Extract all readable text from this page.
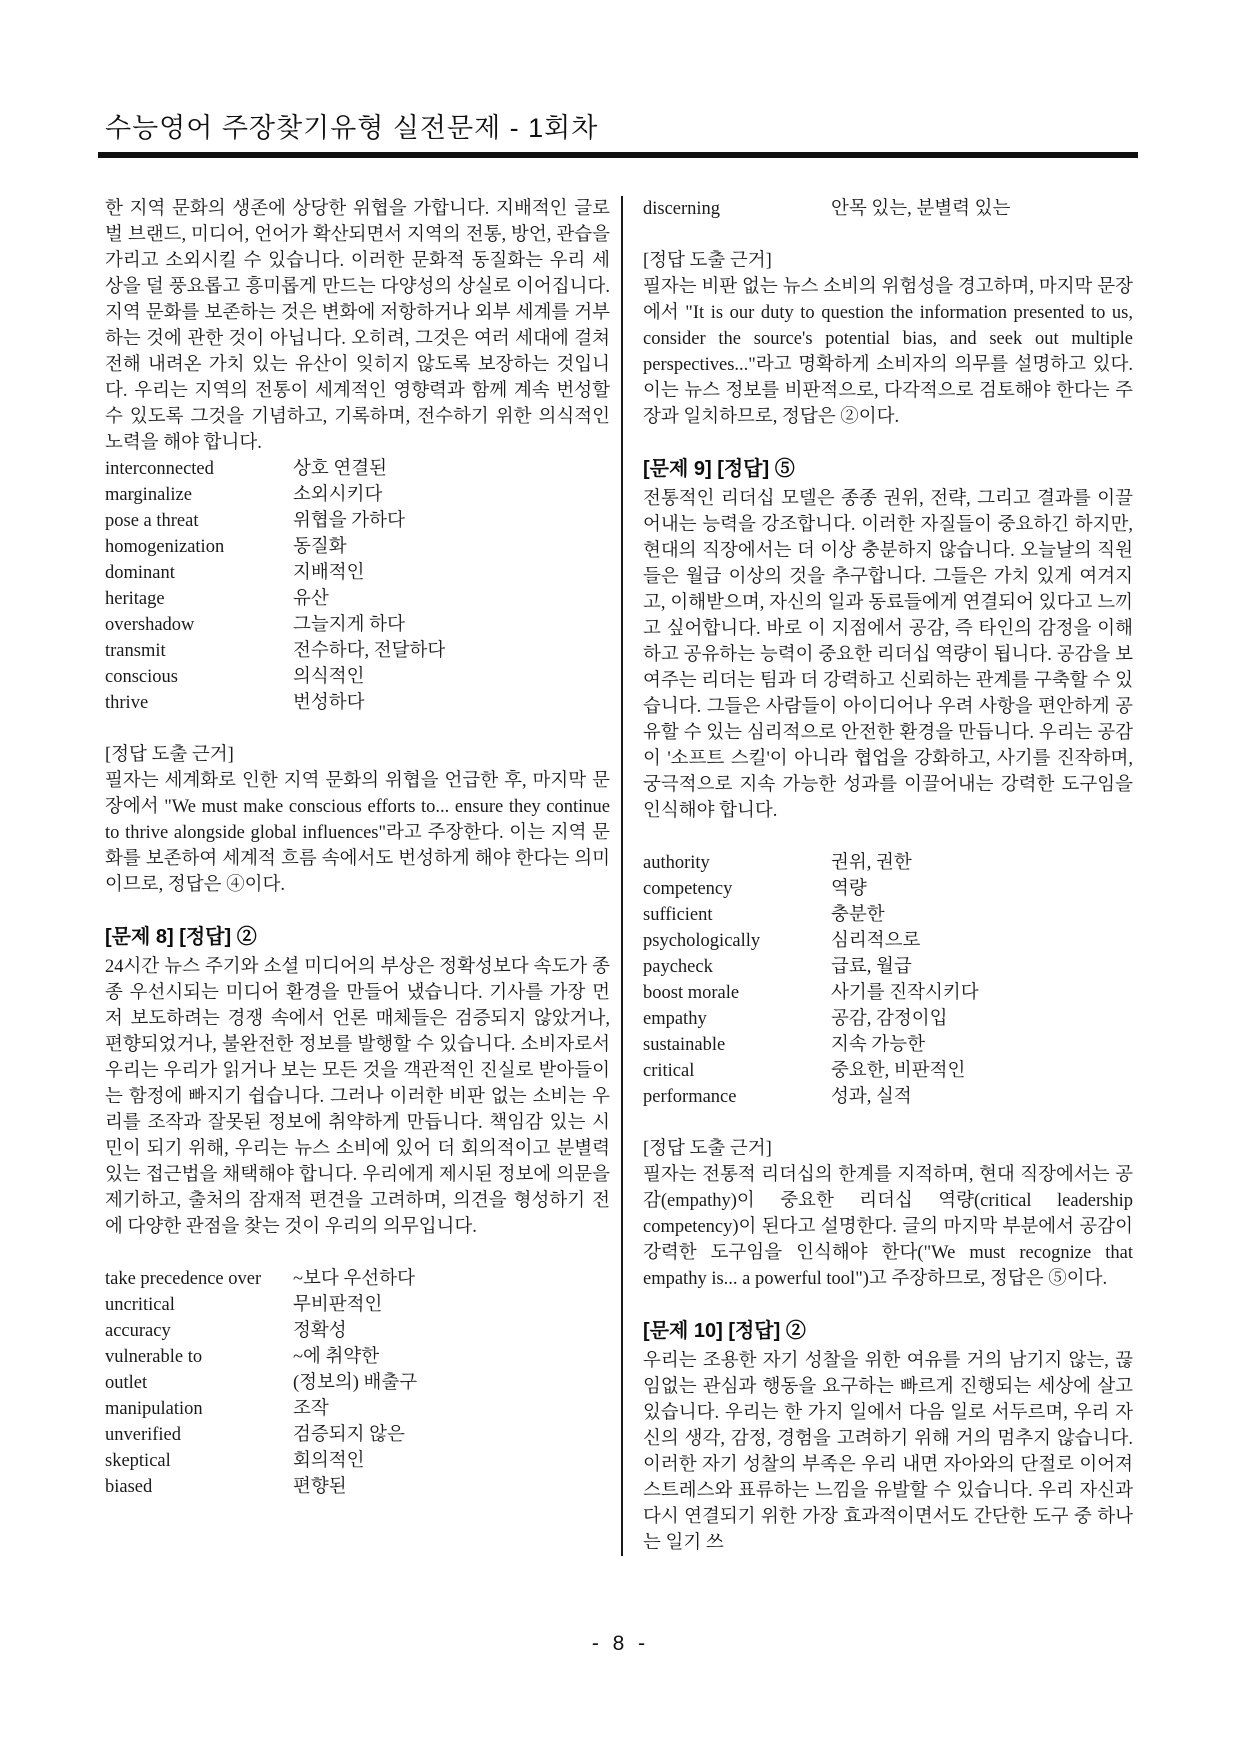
수능영어 주장찾기유형 실전문제 - 1회차

한 지역 문화의 생존에 상당한 위협을 가합니다. 지배적인 글로벌 브랜드, 미디어, 언어가 확산되면서 지역의 전통, 방언, 관습을 가리고 소외시킬 수 있습니다. 이러한 문화적 동질화는 우리 세상을 덜 풍요롭고 흥미롭게 만드는 다양성의 상실로 이어집니다. 지역 문화를 보존하는 것은 변화에 저항하거나 외부 세계를 거부하는 것에 관한 것이 아닙니다. 오히려, 그것은 여러 세대에 걸쳐 전해 내려온 가치 있는 유산이 잊히지 않도록 보장하는 것입니다. 우리는 지역의 전통이 세계적인 영향력과 함께 계속 번성할 수 있도록 그것을 기념하고, 기록하며, 전수하기 위한 의식적인 노력을 해야 합니다.

interconnected	상호 연결된
marginalize	소외시키다
pose a threat	위협을 가하다
homogenization	동질화
dominant	지배적인
heritage	유산
overshadow	그늘지게 하다
transmit	전수하다, 전달하다
conscious	의식적인
thrive	번성하다

[정답 도출 근거]

필자는 세계화로 인한 지역 문화의 위협을 언급한 후, 마지막 문장에서 "We must make conscious efforts to... ensure they continue to thrive alongside global influences"라고 주장한다. 이는 지역 문화를 보존하여 세계적 흐름 속에서도 번성하게 해야 한다는 의미이므로, 정답은 ④이다.

[문제 8] [정답] ②

24시간 뉴스 주기와 소셜 미디어의 부상은 정확성보다 속도가 종종 우선시되는 미디어 환경을 만들어 냈습니다. 기사를 가장 먼저 보도하려는 경쟁 속에서 언론 매체들은 검증되지 않았거나, 편향되었거나, 불완전한 정보를 발행할 수 있습니다. 소비자로서 우리는 우리가 읽거나 보는 모든 것을 객관적인 진실로 받아들이는 함정에 빠지기 쉽습니다. 그러나 이러한 비판 없는 소비는 우리를 조작과 잘못된 정보에 취약하게 만듭니다. 책임감 있는 시민이 되기 위해, 우리는 뉴스 소비에 있어 더 회의적이고 분별력 있는 접근법을 채택해야 합니다. 우리에게 제시된 정보에 의문을 제기하고, 출처의 잠재적 편견을 고려하며, 의견을 형성하기 전에 다양한 관점을 찾는 것이 우리의 의무입니다.

take precedence over	~보다 우선하다
uncritical	무비판적인
accuracy	정확성
vulnerable to	~에 취약한
outlet	(정보의) 배출구
manipulation	조작
unverified	검증되지 않은
skeptical	회의적인
biased	편향된
discerning	안목 있는, 분별력 있는

[정답 도출 근거]

필자는 비판 없는 뉴스 소비의 위험성을 경고하며, 마지막 문장에서 "It is our duty to question the information presented to us, consider the source's potential bias, and seek out multiple perspectives..."라고 명확하게 소비자의 의무를 설명하고 있다. 이는 뉴스 정보를 비판적으로, 다각적으로 검토해야 한다는 주장과 일치하므로, 정답은 ②이다.

[문제 9] [정답] ⑤

전통적인 리더십 모델은 종종 권위, 전략, 그리고 결과를 이끌어내는 능력을 강조합니다. 이러한 자질들이 중요하긴 하지만, 현대의 직장에서는 더 이상 충분하지 않습니다. 오늘날의 직원들은 월급 이상의 것을 추구합니다. 그들은 가치 있게 여겨지고, 이해받으며, 자신의 일과 동료들에게 연결되어 있다고 느끼고 싶어합니다. 바로 이 지점에서 공감, 즉 타인의 감정을 이해하고 공유하는 능력이 중요한 리더십 역량이 됩니다. 공감을 보여주는 리더는 팀과 더 강력하고 신뢰하는 관계를 구축할 수 있습니다. 그들은 사람들이 아이디어나 우려 사항을 편안하게 공유할 수 있는 심리적으로 안전한 환경을 만듭니다. 우리는 공감이 '소프트 스킬'이 아니라 협업을 강화하고, 사기를 진작하며, 궁극적으로 지속 가능한 성과를 이끌어내는 강력한 도구임을 인식해야 합니다.

authority	권위, 권한
competency	역량
sufficient	충분한
psychologically	심리적으로
paycheck	급료, 월급
boost morale	사기를 진작시키다
empathy	공감, 감정이입
sustainable	지속 가능한
critical	중요한, 비판적인
performance	성과, 실적

[정답 도출 근거]

필자는 전통적 리더십의 한계를 지적하며, 현대 직장에서는 공감(empathy)이 중요한 리더십 역량(critical leadership competency)이 된다고 설명한다. 글의 마지막 부분에서 공감이 강력한 도구임을 인식해야 한다("We must recognize that empathy is... a powerful tool")고 주장하므로, 정답은 ⑤이다.

[문제 10] [정답] ②

우리는 조용한 자기 성찰을 위한 여유를 거의 남기지 않는, 끊임없는 관심과 행동을 요구하는 빠르게 진행되는 세상에 살고 있습니다. 우리는 한 가지 일에서 다음 일로 서두르며, 우리 자신의 생각, 감정, 경험을 고려하기 위해 거의 멈추지 않습니다. 이러한 자기 성찰의 부족은 우리 내면 자아와의 단절로 이어져 스트레스와 표류하는 느낌을 유발할 수 있습니다. 우리 자신과 다시 연결되기 위한 가장 효과적이면서도 간단한 도구 중 하나는 일기 쓰

- 8 -
